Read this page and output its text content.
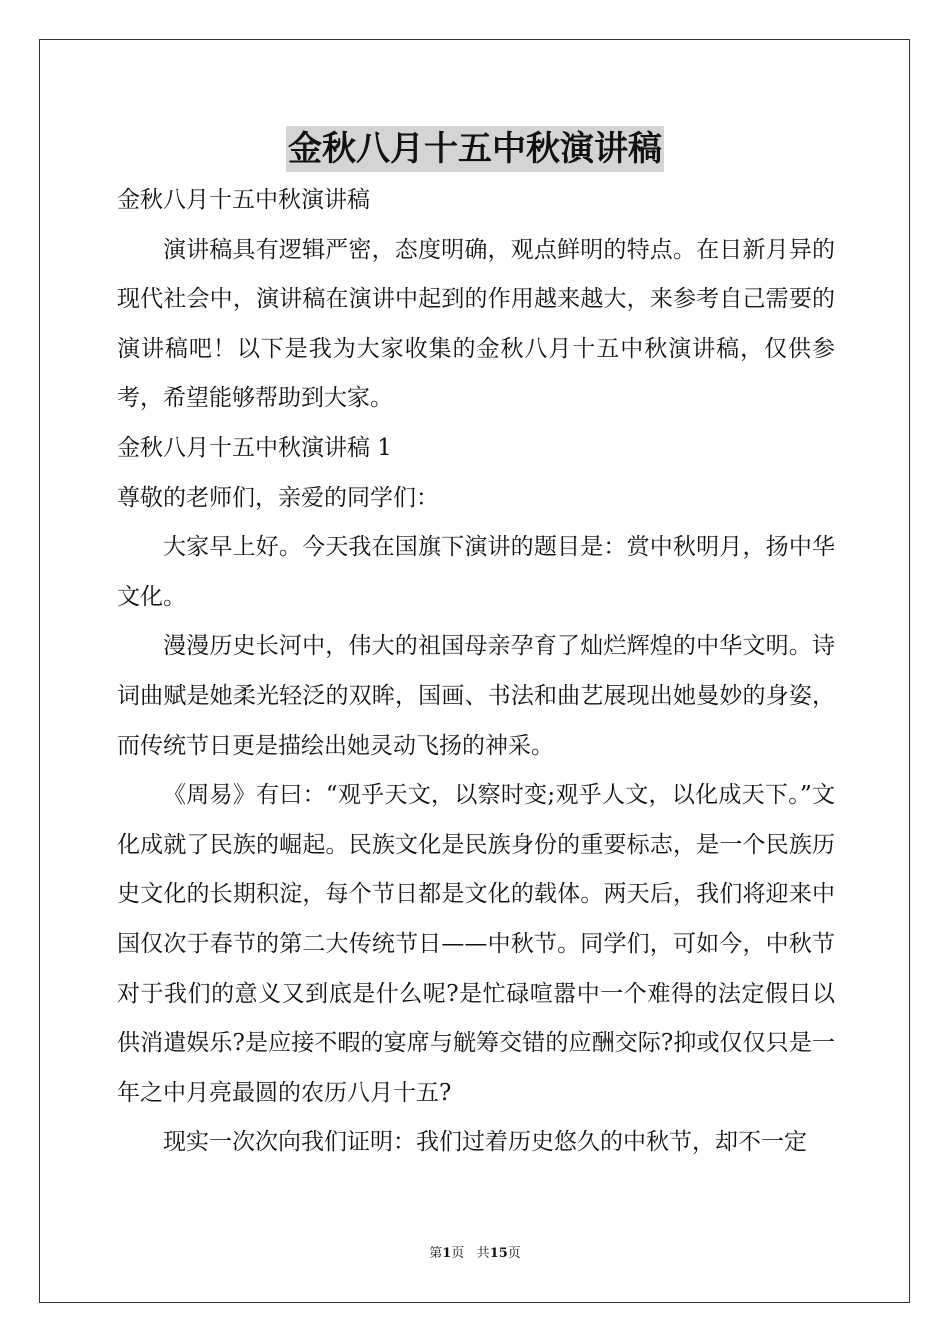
金秋八月十五中秋演讲稿

金秋八月十五中秋演讲稿

演讲稿具有逻辑严密，态度明确，观点鲜明的特点。在日新月异的现代社会中，演讲稿在演讲中起到的作用越来越大，来参考自己需要的演讲稿吧！以下是我为大家收集的金秋八月十五中秋演讲稿，仅供参考，希望能够帮助到大家。

金秋八月十五中秋演讲稿 1

尊敬的老师们，亲爱的同学们：

大家早上好。今天我在国旗下演讲的题目是：赏中秋明月，扬中华文化。

漫漫历史长河中，伟大的祖国母亲孕育了灿烂辉煌的中华文明。诗词曲赋是她柔光轻泛的双眸，国画、书法和曲艺展现出她曼妙的身姿，而传统节日更是描绘出她灵动飞扬的神采。

《周易》有曰：“观乎天文，以察时变;观乎人文，以化成天下。”文化成就了民族的崛起。民族文化是民族身份的重要标志，是一个民族历史文化的长期积淀，每个节日都是文化的载体。两天后，我们将迎来中国仅次于春节的第二大传统节日——中秋节。同学们，可如今，中秋节对于我们的意义又到底是什么呢?是忙碌喧嚣中一个难得的法定假日以供消遣娱乐?是应接不暇的宴席与觥筹交错的应酬交际?抑或仅仅只是一年之中月亮最圆的农历八月十五?

现实一次次向我们证明：我们过着历史悠久的中秋节，却不一定

第1页 共15页
